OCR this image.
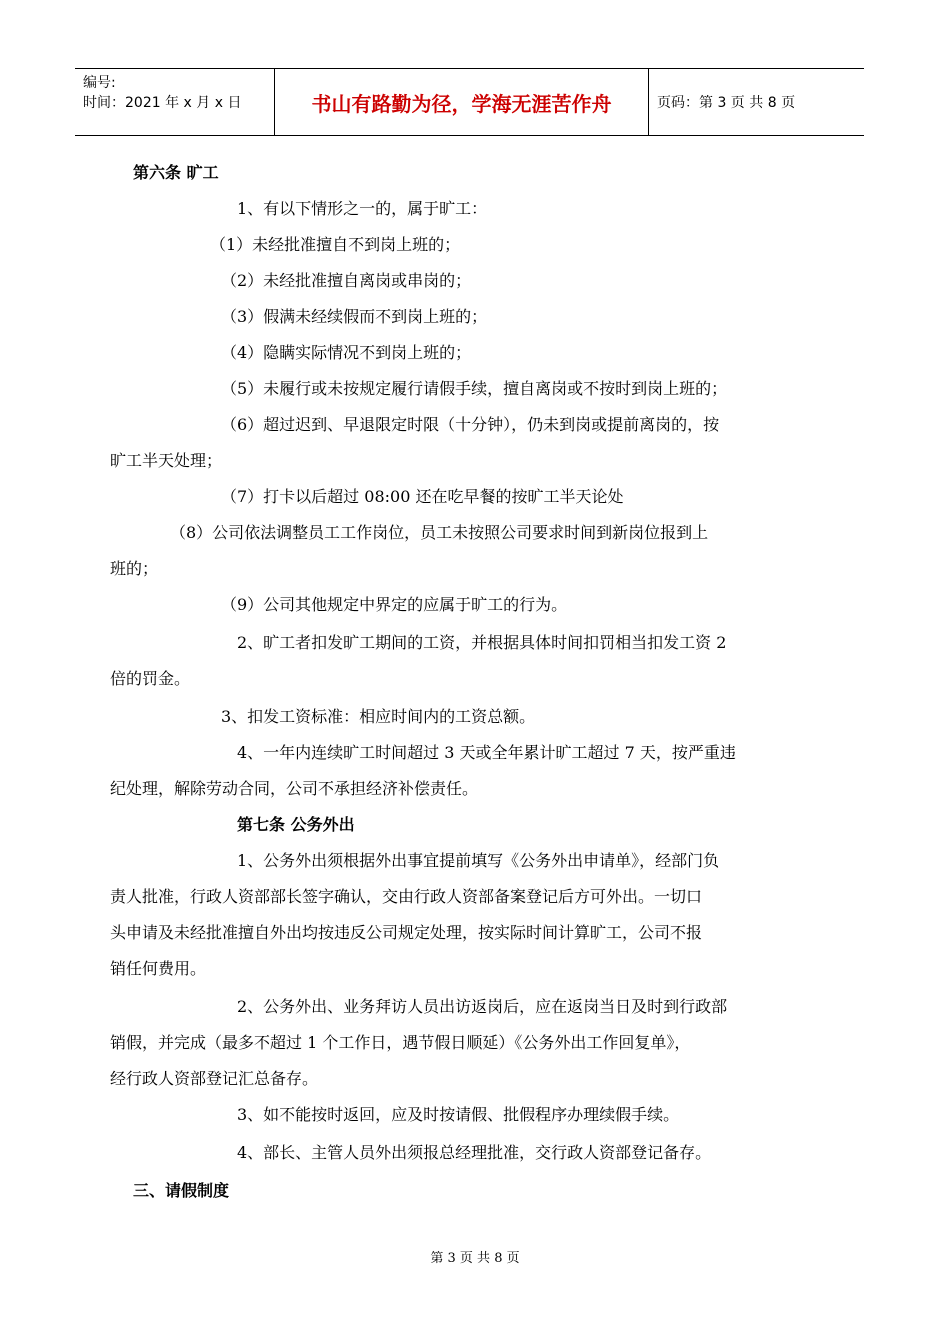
编号:
时间：2021 年 x 月 x 日	书山有路勤为径，学海无涯苦作舟	页码：第 3 页 共 8 页
第六条 旷工
1、有以下情形之一的，属于旷工：
（1）未经批准擅自不到岗上班的；
（2）未经批准擅自离岗或串岗的；
（3）假满未经续假而不到岗上班的；
（4）隐瞒实际情况不到岗上班的；
（5）未履行或未按规定履行请假手续，擅自离岗或不按时到岗上班的；
（6）超过迟到、早退限定时限（十分钟），仍未到岗或提前离岗的，按
旷工半天处理；
（7）打卡以后超过 08:00 还在吃早餐的按旷工半天论处
（8）公司依法调整员工工作岗位，员工未按照公司要求时间到新岗位报到上
班的；
（9）公司其他规定中界定的应属于旷工的行为。
2、旷工者扣发旷工期间的工资，并根据具体时间扣罚相当扣发工资 2
倍的罚金。
3、扣发工资标准：相应时间内的工资总额。
4、一年内连续旷工时间超过 3 天或全年累计旷工超过 7 天，按严重违
纪处理，解除劳动合同，公司不承担经济补偿责任。
第七条 公务外出
1、公务外出须根据外出事宜提前填写《公务外出申请单》，经部门负
责人批准，行政人资部部长签字确认，交由行政人资部备案登记后方可外出。一切口
头申请及未经批准擅自外出均按违反公司规定处理，按实际时间计算旷工，公司不报
销任何费用。
2、公务外出、业务拜访人员出访返岗后，应在返岗当日及时到行政部
销假，并完成（最多不超过 1 个工作日，遇节假日顺延）《公务外出工作回复单》，
经行政人资部登记汇总备存。
3、如不能按时返回，应及时按请假、批假程序办理续假手续。
4、部长、主管人员外出须报总经理批准，交行政人资部登记备存。
三、请假制度
第 3 页 共 8 页
